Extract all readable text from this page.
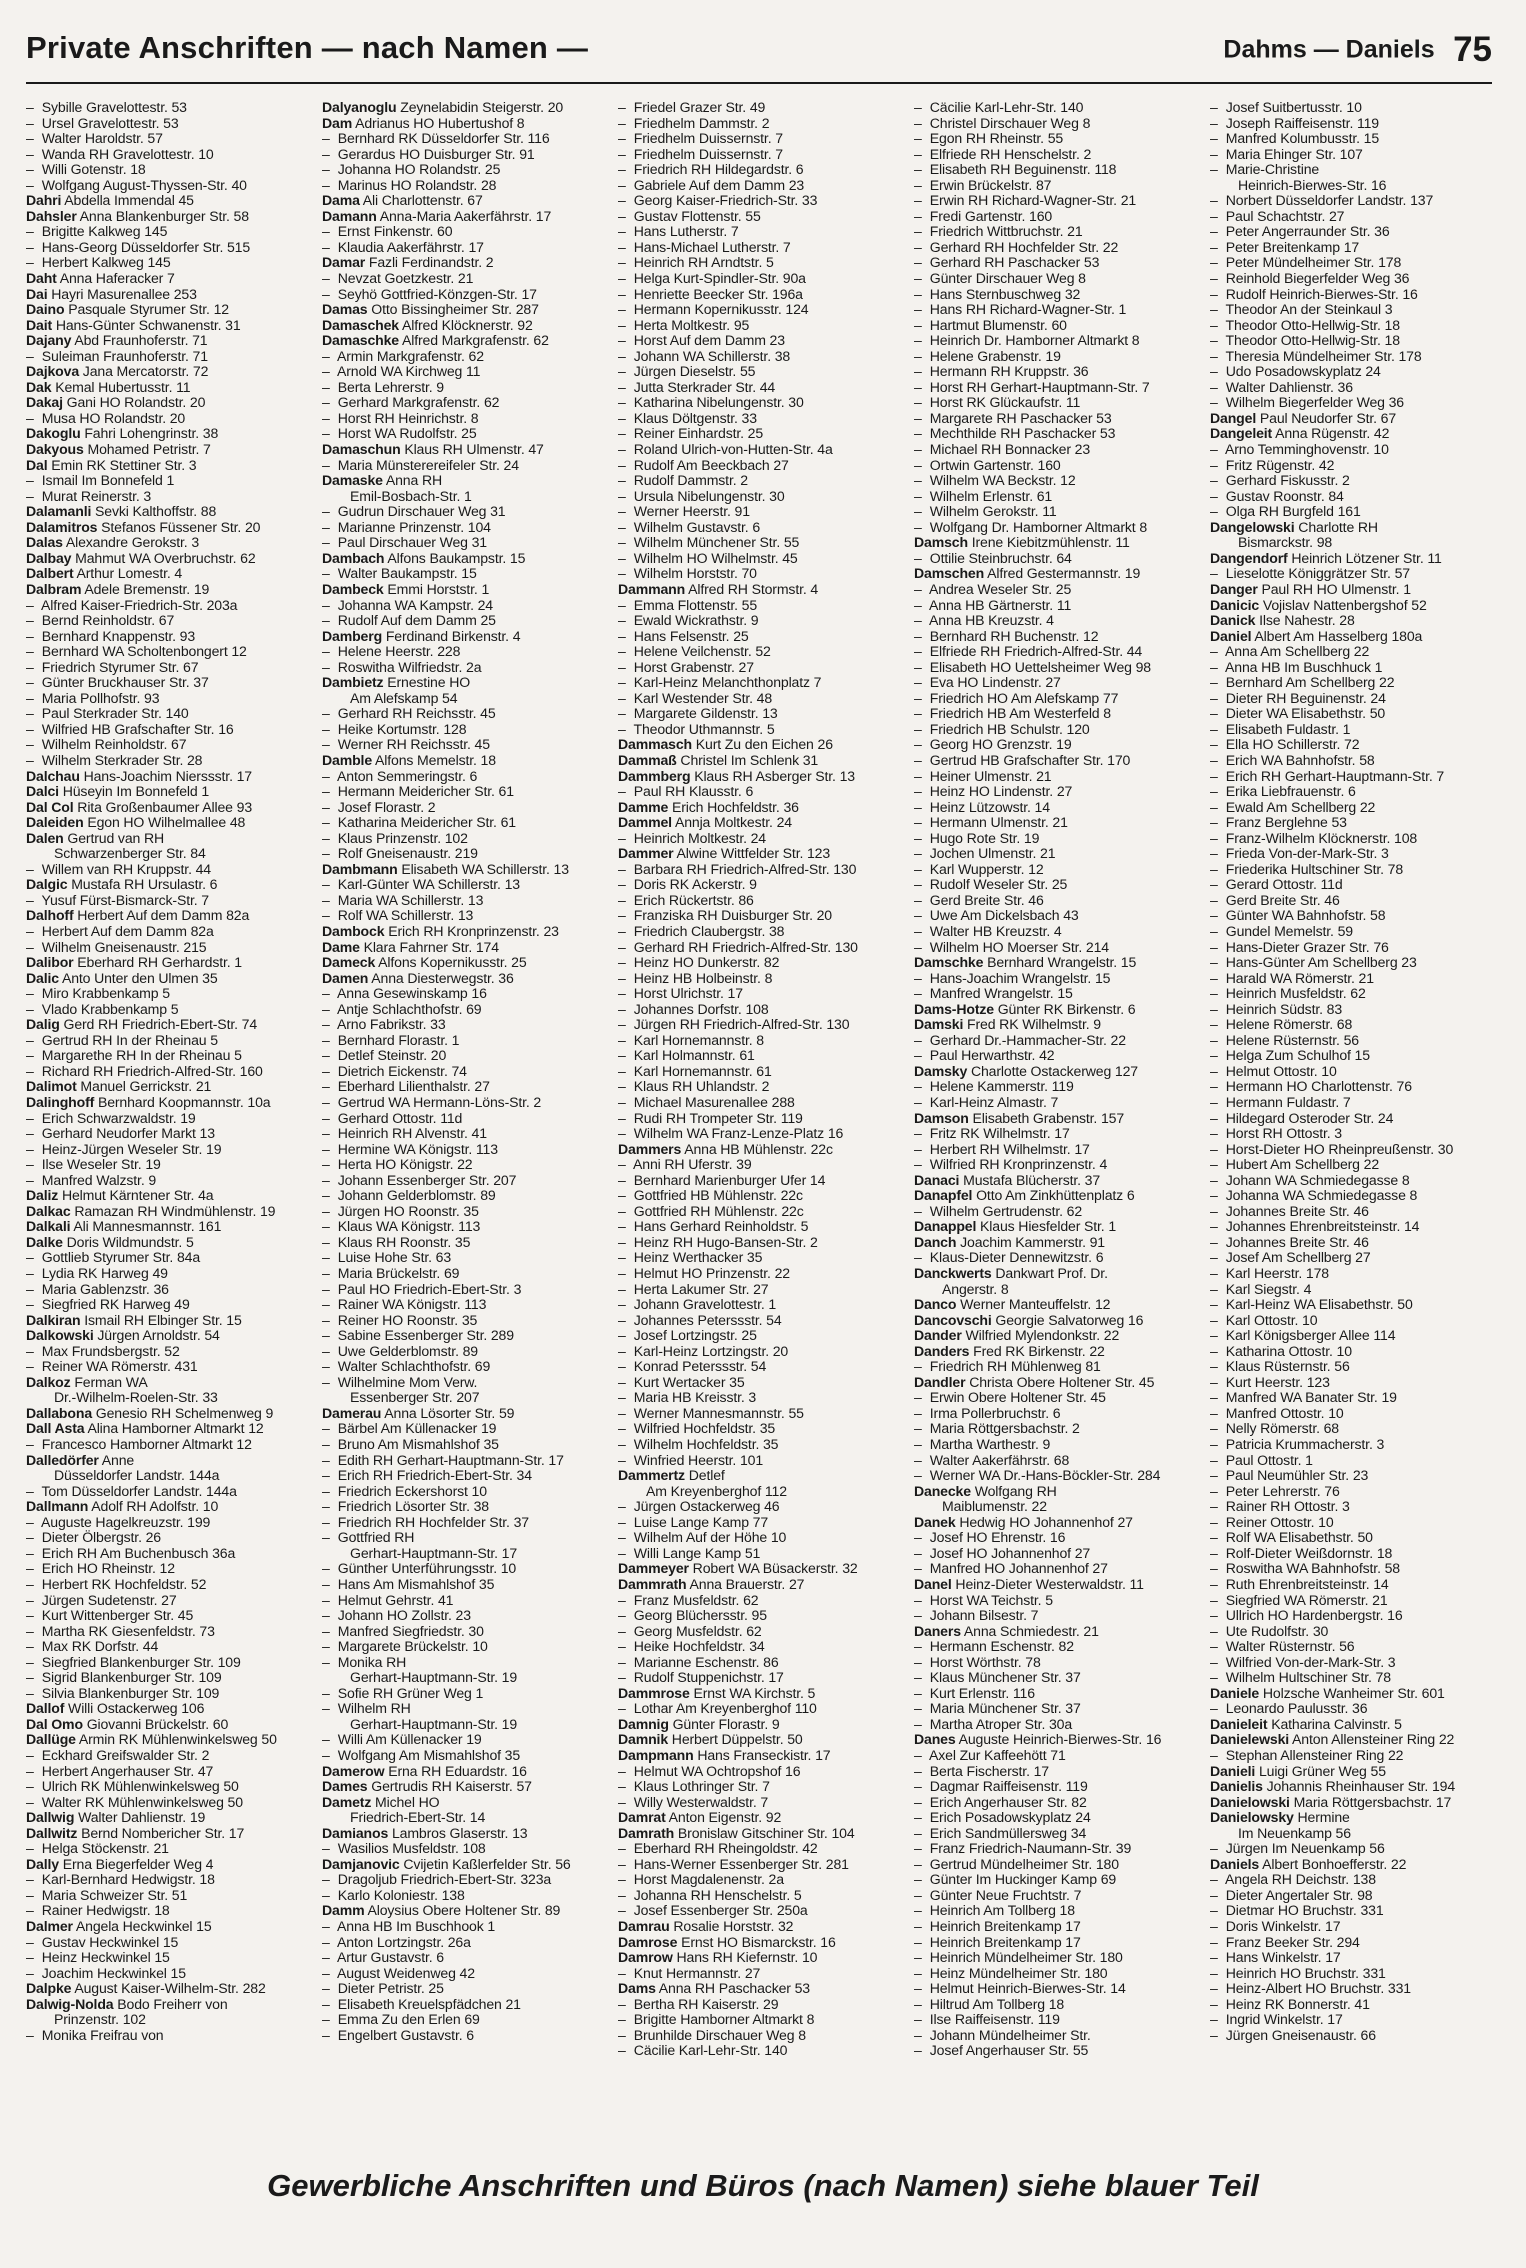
Private Anschriften — nach Namen —	Dahms — Daniels 75
– Sybille Gravelottestr. 53
– Ursel Gravelottestr. 53
– Walter Haroldstr. 57
– Wanda RH Gravelottestr. 10
– Willi Gotenstr. 18
– Wolfgang August-Thyssen-Str. 40
Dahri Abdella Immendal 45
Dahsler Anna Blankenburger Str. 58
– Brigitte Kalkweg 145
– Hans-Georg Düsseldorfer Str. 515
– Herbert Kalkweg 145
Daht Anna Haferacker 7
Dai Hayri Masurenallee 253
Daino Pasquale Styrumer Str. 12
Dait Hans-Günter Schwanenstr. 31
Dajany Abd Fraunhoferstr. 71
– Suleiman Fraunhoferstr. 71
Dajkova Jana Mercatorstr. 72
Dak Kemal Hubertusstr. 11
Dakaj Gani HO Rolandstr. 20
– Musa HO Rolandstr. 20
Dakoglu Fahri Lohengrinstr. 38
Dakyous Mohamed Petristr. 7
Dal Emin RK Stettiner Str. 3
– Ismail Im Bonnefeld 1
– Murat Reinerstr. 3
Dalamanli Sevki Kalthoffstr. 88
Dalamitros Stefanos Füssener Str. 20
Dalas Alexandre Gerokstr. 3
Dalbay Mahmut WA Overbruchstr. 62
Dalbert Arthur Lomestr. 4
Dalbram Adele Bremenstr. 19
– Alfred Kaiser-Friedrich-Str. 203a
– Bernd Reinholdstr. 67
– Bernhard Knappenstr. 93
– Bernhard WA Scholtenbongert 12
– Friedrich Styrumer Str. 67
– Günter Bruckhauser Str. 37
– Maria Pollhofstr. 93
– Paul Sterkrader Str. 140
– Wilfried HB Grafschafter Str. 16
– Wilhelm Reinholdstr. 67
– Wilhelm Sterkrader Str. 28
Dalchau Hans-Joachim Nierssstr. 17
Dalci Hüseyin Im Bonnefeld 1
Dal Col Rita Großenbaumer Allee 93
Daleiden Egon HO Wilhelmallee 48
Dalen Gertrud van RH
Schwarzenberger Str. 84
– Willem van RH Kruppstr. 44
Dalgic Mustafa RH Ursulastr. 6
– Yusuf Fürst-Bismarck-Str. 7
Dalhoff Herbert Auf dem Damm 82a
– Herbert Auf dem Damm 82a
– Wilhelm Gneisenaustr. 215
Dalibor Eberhard RH Gerhardstr. 1
Dalic Anto Unter den Ulmen 35
– Miro Krabbenkamp 5
– Vlado Krabbenkamp 5
Dalig Gerd RH Friedrich-Ebert-Str. 74
– Gertrud RH In der Rheinau 5
– Margarethe RH In der Rheinau 5
– Richard RH Friedrich-Alfred-Str. 160
Dalimot Manuel Gerrickstr. 21
Dalinghoff Bernhard Koopmannstr. 10a
– Erich Schwarzwaldstr. 19
– Gerhard Neudorfer Markt 13
– Heinz-Jürgen Weseler Str. 19
– Ilse Weseler Str. 19
– Manfred Walzstr. 9
Daliz Helmut Kärntener Str. 4a
Dalkac Ramazan RH Windmühlenstr. 19
Dalkali Ali Mannesmannstr. 161
Dalke Doris Wildmundstr. 5
– Gottlieb Styrumer Str. 84a
– Lydia RK Harweg 49
– Maria Gablenzstr. 36
– Siegfried RK Harweg 49
Dalkiran Ismail RH Elbinger Str. 15
Dalkowski Jürgen Arnoldstr. 54
– Max Frundsbergstr. 52
– Reiner WA Römerstr. 431
Dalkoz Ferman WA
Dr.-Wilhelm-Roelen-Str. 33
Dallabona Genesio RH Schelmenweg 9
Dall Asta Alina Hamborner Altmarkt 12
– Francesco Hamborner Altmarkt 12
Dalledörfer Anne
Düsseldorfer Landstr. 144a
– Tom Düsseldorfer Landstr. 144a
Dallmann Adolf RH Adolfstr. 10
– Auguste Hagelkreuzstr. 199
– Dieter Ölbergstr. 26
– Erich RH Am Buchenbusch 36a
– Erich HO Rheinstr. 12
– Herbert RK Hochfeldstr. 52
– Jürgen Sudetenstr. 27
– Kurt Wittenberger Str. 45
– Martha RK Giesenfeldstr. 73
– Max RK Dorfstr. 44
– Siegfried Blankenburger Str. 109
– Sigrid Blankenburger Str. 109
– Silvia Blankenburger Str. 109
Dallof Willi Ostackerweg 106
Dal Omo Giovanni Brückelstr. 60
Dallüge Armin RK Mühlenwinkelsweg 50
– Eckhard Greifswalder Str. 2
– Herbert Angerhauser Str. 47
– Ulrich RK Mühlenwinkelsweg 50
– Walter RK Mühlenwinkelsweg 50
Dallwig Walter Dahlienstr. 19
Dallwitz Bernd Nombericher Str. 17
– Helga Stöckenstr. 21
Dally Erna Biegerfelder Weg 4
– Karl-Bernhard Hedwigstr. 18
– Maria Schweizer Str. 51
– Rainer Hedwigstr. 18
Dalmer Angela Heckwinkel 15
– Gustav Heckwinkel 15
– Heinz Heckwinkel 15
– Joachim Heckwinkel 15
Dalpke August Kaiser-Wilhelm-Str. 282
Dalwig-Nolda Bodo Freiherr von
Prinzenstr. 102
– Monika Freifrau von
Dalyanoglu Zeynelabidin Steigerstr. 20
Dam Adrianus HO Hubertushof 8
– Bernhard RK Düsseldorfer Str. 116
– Gerardus HO Duisburger Str. 91
– Johanna HO Rolandstr. 25
– Marinus HO Rolandstr. 28
Dama Ali Charlottenstr. 67
Damann Anna-Maria Aakerfährstr. 17
– Ernst Finkenstr. 60
– Klaudia Aakerfährstr. 17
Damar Fazli Ferdinandstr. 2
– Nevzat Goetzkestr. 21
– Seyhö Gottfried-Könzgen-Str. 17
Damas Otto Bissingheimer Str. 287
Damaschek Alfred Klöcknerstr. 92
Damaschke Alfred Markgrafenstr. 62
– Armin Markgrafenstr. 62
– Arnold WA Kirchweg 11
– Berta Lehrerstr. 9
– Gerhard Markgrafenstr. 62
– Horst RH Heinrichstr. 8
– Horst WA Rudolfstr. 25
Damaschun Klaus RH Ulmenstr. 47
– Maria Münsterereifeler Str. 24
Damaske Anna RH
Emil-Bosbach-Str. 1
– Gudrun Dirschauer Weg 31
– Marianne Prinzenstr. 104
– Paul Dirschauer Weg 31
Dambach Alfons Baukampstr. 15
– Walter Baukampstr. 15
Dambeck Emmi Horststr. 1
– Johanna WA Kampstr. 24
– Rudolf Auf dem Damm 25
Damberg Ferdinand Birkenstr. 4
– Helene Heerstr. 228
– Roswitha Wilfriedstr. 2a
Dambietz Ernestine HO
Am Alefskamp 54
– Gerhard RH Reichsstr. 45
– Heike Kortumstr. 128
– Werner RH Reichsstr. 45
Damble Alfons Memelstr. 18
– Anton Semmeringstr. 6
– Hermann Meidericher Str. 61
– Josef Florastr. 2
– Katharina Meidericher Str. 61
– Klaus Prinzenstr. 102
– Rolf Gneisenaustr. 219
Dambmann Elisabeth WA Schillerstr. 13
– Karl-Günter WA Schillerstr. 13
– Maria WA Schillerstr. 13
– Rolf WA Schillerstr. 13
Dambock Erich RH Kronprinzenstr. 23
Dame Klara Fahrner Str. 174
Dameck Alfons Kopernikusstr. 25
Damen Anna Diesterwegstr. 36
– Anna Gesewinskamp 16
– Antje Schlachthofstr. 69
– Arno Fabrikstr. 33
– Bernhard Florastr. 1
– Detlef Steinstr. 20
– Dietrich Eickenstr. 74
– Eberhard Lilienthalstr. 27
– Gertrud WA Hermann-Löns-Str. 2
– Gerhard Ottostr. 11d
– Heinrich RH Alvenstr. 41
– Hermine WA Königstr. 113
– Herta HO Königstr. 22
– Johann Essenberger Str. 207
– Johann Gelderblomstr. 89
– Jürgen HO Roonstr. 35
– Klaus WA Königstr. 113
– Klaus RH Roonstr. 35
– Luise Hohe Str. 63
– Maria Brückelstr. 69
– Paul HO Friedrich-Ebert-Str. 3
– Rainer WA Königstr. 113
– Reiner HO Roonstr. 35
– Sabine Essenberger Str. 289
– Uwe Gelderblomstr. 89
– Walter Schlachthofstr. 69
– Wilhelmine Mom Verw.
Essenberger Str. 207
Damerau Anna Lösorter Str. 59
– Bärbel Am Küllenacker 19
– Bruno Am Mismahlshof 35
– Edith RH Gerhart-Hauptmann-Str. 17
– Erich RH Friedrich-Ebert-Str. 34
– Friedrich Eckershorst 10
– Friedrich Lösorter Str. 38
– Friedrich RH Hochfelder Str. 37
– Gottfried RH
Gerhart-Hauptmann-Str. 17
– Günther Unterführungsstr. 10
– Hans Am Mismahlshof 35
– Helmut Gehrstr. 41
– Johann HO Zollstr. 23
– Manfred Siegfriedstr. 30
– Margarete Brückelstr. 10
– Monika RH
Gerhart-Hauptmann-Str. 19
– Sofie RH Grüner Weg 1
– Wilhelm RH
Gerhart-Hauptmann-Str. 19
– Willi Am Küllenacker 19
– Wolfgang Am Mismahlshof 35
Damerow Erna RH Eduardstr. 16
Dames Gertrudis RH Kaiserstr. 57
Dametz Michel HO
Friedrich-Ebert-Str. 14
Damianos Lambros Glaserstr. 13
– Wasilios Musfeldstr. 108
Damjanovic Cvijetin Kaßlerfelder Str. 56
– Dragoljub Friedrich-Ebert-Str. 323a
– Karlo Koloniestr. 138
Damm Aloysius Obere Holtener Str. 89
– Anna HB Im Buschhook 1
– Anton Lortzingstr. 26a
– Artur Gustavstr. 6
– August Weidenweg 42
– Dieter Petristr. 25
– Elisabeth Kreuelspfädchen 21
– Emma Zu den Erlen 69
– Engelbert Gustavstr. 6
– Friedel Grazer Str. 49
– Friedhelm Dammstr. 2
– Friedhelm Duissernstr. 7
– Friedhelm Duissernstr. 7
– Friedrich RH Hildegardstr. 6
– Gabriele Auf dem Damm 23
– Georg Kaiser-Friedrich-Str. 33
– Gustav Flottenstr. 55
– Hans Lutherstr. 7
– Hans-Michael Lutherstr. 7
– Heinrich RH Arndtstr. 5
– Helga Kurt-Spindler-Str. 90a
– Henriette Beecker Str. 196a
– Hermann Kopernikusstr. 124
– Herta Moltkestr. 95
– Horst Auf dem Damm 23
– Johann WA Schillerstr. 38
– Jürgen Dieselstr. 55
– Jutta Sterkrader Str. 44
– Katharina Nibelungenstr. 30
– Klaus Döltgenstr. 33
– Reiner Einhardstr. 25
– Roland Ulrich-von-Hutten-Str. 4a
– Rudolf Am Beeckbach 27
– Rudolf Dammstr. 2
– Ursula Nibelungenstr. 30
– Werner Heerstr. 91
– Wilhelm Gustavstr. 6
– Wilhelm Münchener Str. 55
– Wilhelm HO Wilhelmstr. 45
– Wilhelm Horststr. 70
Dammann Alfred RH Stormstr. 4
– Emma Flottenstr. 55
– Ewald Wickrathstr. 9
– Hans Felsenstr. 25
– Helene Veilchenstr. 52
– Horst Grabenstr. 27
– Karl-Heinz Melanchthonplatz 7
– Karl Westender Str. 48
– Margarete Gildenstr. 13
– Theodor Uthmannstr. 5
Dammasch Kurt Zu den Eichen 26
Dammaß Christel Im Schlenk 31
Dammberg Klaus RH Asberger Str. 13
– Paul RH Klausstr. 6
Damme Erich Hochfeldstr. 36
Dammel Annja Moltkestr. 24
– Heinrich Moltkestr. 24
Dammer Alwine Wittfelder Str. 123
– Barbara RH Friedrich-Alfred-Str. 130
– Doris RK Ackerstr. 9
– Erich Rückertstr. 86
– Franziska RH Duisburger Str. 20
– Friedrich Claubergstr. 38
– Gerhard RH Friedrich-Alfred-Str. 130
– Heinz HO Dunkerstr. 82
– Heinz HB Holbeinstr. 8
– Horst Ulrichstr. 17
– Johannes Dorfstr. 108
– Jürgen RH Friedrich-Alfred-Str. 130
– Karl Hornemannstr. 8
– Karl Holmannstr. 61
– Karl Hornemannstr. 61
– Klaus RH Uhlandstr. 2
– Michael Masurenallee 288
– Rudi RH Trompeter Str. 119
– Wilhelm WA Franz-Lenze-Platz 16
Dammers Anna HB Mühlenstr. 22c
– Anni RH Uferstr. 39
– Bernhard Marienburger Ufer 14
– Gottfried HB Mühlenstr. 22c
– Gottfried RH Mühlenstr. 22c
– Hans Gerhard Reinholdstr. 5
– Heinz RH Hugo-Bansen-Str. 2
– Heinz Werthacker 35
– Helmut HO Prinzenstr. 22
– Herta Lakumer Str. 27
– Johann Gravelottestr. 1
– Johannes Peterssstr. 54
– Josef Lortzingstr. 25
– Karl-Heinz Lortzingstr. 20
– Konrad Peterssstr. 54
– Kurt Wertacker 35
– Maria HB Kreisstr. 3
– Werner Mannesmannstr. 55
– Wilfried Hochfeldstr. 35
– Wilhelm Hochfeldstr. 35
– Winfried Heerstr. 101
Dammertz Detlef
Am Kreyenberghof 112
– Jürgen Ostackerweg 46
– Luise Lange Kamp 77
– Wilhelm Auf der Höhe 10
– Willi Lange Kamp 51
Dammeyer Robert WA Büsackerstr. 32
Dammrath Anna Brauerstr. 27
– Franz Musfeldstr. 62
– Georg Blüchersstr. 95
– Georg Musfeldstr. 62
– Heike Hochfeldstr. 34
– Marianne Eschenstr. 86
– Rudolf Stuppenichstr. 17
Dammrose Ernst WA Kirchstr. 5
– Lothar Am Kreyenberghof 110
Damnig Günter Florastr. 9
Damnik Herbert Düppelstr. 50
Dampmann Hans Franseckistr. 17
– Helmut WA Ochtropshof 16
– Klaus Lothringer Str. 7
– Willy Westerwaldstr. 7
Damrat Anton Eigenstr. 92
Damrath Bronislaw Gitschiner Str. 104
– Eberhard RH Rheingoldstr. 42
– Hans-Werner Essenberger Str. 281
– Horst Magdalenenstr. 2a
– Johanna RH Henschelstr. 5
– Josef Essenberger Str. 250a
Damrau Rosalie Horststr. 32
Damrose Ernst HO Bismarckstr. 16
Damrow Hans RH Kiefernstr. 10
– Knut Hermannstr. 27
Dams Anna RH Paschacker 53
– Bertha RH Kaiserstr. 29
– Brigitte Hamborner Altmarkt 8
– Brunhilde Dirschauer Weg 8
– Cäcilie Karl-Lehr-Str. 140
– Cäcilie Karl-Lehr-Str. 140
– Christel Dirschauer Weg 8
– Egon RH Rheinstr. 55
– Elfriede RH Henschelstr. 2
– Elisabeth RH Beguinenstr. 118
– Erwin Brückelstr. 87
– Erwin RH Richard-Wagner-Str. 21
– Fredi Gartenstr. 160
– Friedrich Wittbruchstr. 21
– Gerhard RH Hochfelder Str. 22
– Gerhard RH Paschacker 53
– Günter Dirschauer Weg 8
– Hans Sternbuschweg 32
– Hans RH Richard-Wagner-Str. 1
– Hartmut Blumenstr. 60
– Heinrich Dr. Hamborner Altmarkt 8
– Helene Grabenstr. 19
– Hermann RH Kruppstr. 36
– Horst RH Gerhart-Hauptmann-Str. 7
– Horst RK Glückaufstr. 11
– Margarete RH Paschacker 53
– Mechthilde RH Paschacker 53
– Michael RH Bonnacker 23
– Ortwin Gartenstr. 160
– Wilhelm WA Beckstr. 12
– Wilhelm Erlenstr. 61
– Wilhelm Gerokstr. 11
– Wolfgang Dr. Hamborner Altmarkt 8
Damsch Irene Kiebitzmühlenstr. 11
– Ottilie Steinbruchstr. 64
Damschen Alfred Gestermannstr. 19
– Andrea Weseler Str. 25
– Anna HB Gärtnerstr. 11
– Anna HB Kreuzstr. 4
– Bernhard RH Buchenstr. 12
– Elfriede RH Friedrich-Alfred-Str. 44
– Elisabeth HO Uettelsheimer Weg 98
– Eva HO Lindenstr. 27
– Friedrich HO Am Alefskamp 77
– Friedrich HB Am Westerfeld 8
– Friedrich HB Schulstr. 120
– Georg HO Grenzstr. 19
– Gertrud HB Grafschafter Str. 170
– Heiner Ulmenstr. 21
– Heinz HO Lindenstr. 27
– Heinz Lützowstr. 14
– Hermann Ulmenstr. 21
– Hugo Rote Str. 19
– Jochen Ulmenstr. 21
– Karl Wupperstr. 12
– Rudolf Weseler Str. 25
– Gerd Breite Str. 46
– Uwe Am Dickelsbach 43
– Walter HB Kreuzstr. 4
– Wilhelm HO Moerser Str. 214
Damschke Bernhard Wrangelstr. 15
– Hans-Joachim Wrangelstr. 15
– Manfred Wrangelstr. 15
Dams-Hotze Günter RK Birkenstr. 6
Damski Fred RK Wilhelmstr. 9
– Gerhard Dr.-Hammacher-Str. 22
– Paul Herwarthstr. 42
Damsky Charlotte Ostackerweg 127
– Helene Kammerstr. 119
– Karl-Heinz Almastr. 7
Damson Elisabeth Grabenstr. 157
– Fritz RK Wilhelmstr. 17
– Herbert RH Wilhelmstr. 17
– Wilfried RH Kronprinzenstr. 4
Danaci Mustafa Blücherstr. 37
Danapfel Otto Am Zinkhüttenplatz 6
– Wilhelm Gertrudenstr. 62
Danappel Klaus Hiesfelder Str. 1
Danch Joachim Kammerstr. 91
– Klaus-Dieter Dennewitzstr. 6
Danckwerts Dankwart Prof. Dr.
Angerstr. 8
Danco Werner Manteuffelstr. 12
Dancovschi Georgie Salvatorweg 16
Dander Wilfried Mylendonkstr. 22
Danders Fred RK Birkenstr. 22
– Friedrich RH Mühlenweg 81
Dandler Christa Obere Holtener Str. 45
– Erwin Obere Holtener Str. 45
– Irma Pollerbruchstr. 6
– Maria Röttgersbachstr. 2
– Martha Warthestr. 9
– Walter Aakerfährstr. 68
– Werner WA Dr.-Hans-Böckler-Str. 284
Danecke Wolfgang RH
Maiblumenstr. 22
Danek Hedwig HO Johannenhof 27
– Josef HO Ehrenstr. 16
– Josef HO Johannenhof 27
– Manfred HO Johannenhof 27
Danel Heinz-Dieter Westerwaldstr. 11
– Horst WA Teichstr. 5
– Johann Bilsestr. 7
Daners Anna Schmiedestr. 21
– Hermann Eschenstr. 82
– Horst Wörthstr. 78
– Klaus Münchener Str. 37
– Kurt Erlenstr. 116
– Maria Münchener Str. 37
– Martha Atroper Str. 30a
Danes Auguste Heinrich-Bierwes-Str. 16
– Axel Zur Kaffeehött 71
– Berta Fischerstr. 17
– Dagmar Raiffeisenstr. 119
– Erich Angerhauser Str. 82
– Erich Posadowskyplatz 24
– Erich Sandmüllersweg 34
– Franz Friedrich-Naumann-Str. 39
– Gertrud Mündelheimer Str. 180
– Günter Im Huckinger Kamp 69
– Günter Neue Fruchtstr. 7
– Heinrich Am Tollberg 18
– Heinrich Breitenkamp 17
– Heinrich Breitenkamp 17
– Heinrich Mündelheimer Str. 180
– Heinz Mündelheimer Str. 180
– Helmut Heinrich-Bierwes-Str. 14
– Hiltrud Am Tollberg 18
– Ilse Raiffeisenstr. 119
– Johann Mündelheimer Str.
– Josef Angerhauser Str. 55
– Josef Suitbertusstr. 10
– Joseph Raiffeisenstr. 119
– Manfred Kolumbusstr. 15
– Maria Ehinger Str. 107
– Marie-Christine
Heinrich-Bierwes-Str. 16
– Norbert Düsseldorfer Landstr. 137
– Paul Schachtstr. 27
– Peter Angerraunder Str. 36
– Peter Breitenkamp 17
– Peter Mündelheimer Str. 178
– Reinhold Biegerfelder Weg 36
– Rudolf Heinrich-Bierwes-Str. 16
– Theodor An der Steinkaul 3
– Theodor Otto-Hellwig-Str. 18
– Theodor Otto-Hellwig-Str. 18
– Theresia Mündelheimer Str. 178
– Udo Posadowskyplatz 24
– Walter Dahlienstr. 36
– Wilhelm Biegerfelder Weg 36
Dangel Paul Neudorfer Str. 67
Dangeleit Anna Rügenstr. 42
– Arno Temminghovenstr. 10
– Fritz Rügenstr. 42
– Gerhard Fiskusstr. 2
– Gustav Roonstr. 84
– Olga RH Burgfeld 161
Dangelowski Charlotte RH
Bismarckstr. 98
Dangendorf Heinrich Lötzener Str. 11
– Lieselotte Königgrätzer Str. 57
Danger Paul RH HO Ulmenstr. 1
Danicic Vojislav Nattenbergshof 52
Danick Ilse Nahestr. 28
Daniel Albert Am Hasselberg 180a
– Anna Am Schellberg 22
– Anna HB Im Buschhuck 1
– Bernhard Am Schellberg 22
– Dieter RH Beguinenstr. 24
– Dieter WA Elisabethstr. 50
– Elisabeth Fuldastr. 1
– Ella HO Schillerstr. 72
– Erich WA Bahnhofstr. 58
– Erich RH Gerhart-Hauptmann-Str. 7
– Erika Liebfrauenstr. 6
– Ewald Am Schellberg 22
– Franz Berglehne 53
– Franz-Wilhelm Klöcknerstr. 108
– Frieda Von-der-Mark-Str. 3
– Friederika Hultschiner Str. 78
– Gerard Ottostr. 11d
– Gerd Breite Str. 46
– Günter WA Bahnhofstr. 58
– Gundel Memelstr. 59
– Hans-Dieter Grazer Str. 76
– Hans-Günter Am Schellberg 23
– Harald WA Römerstr. 21
– Heinrich Musfeldstr. 62
– Heinrich Südstr. 83
– Helene Römerstr. 68
– Helene Rüsternstr. 56
– Helga Zum Schulhof 15
– Helmut Ottostr. 10
– Hermann HO Charlottenstr. 76
– Hermann Fuldastr. 7
– Hildegard Osteroder Str. 24
– Horst RH Ottostr. 3
– Horst-Dieter HO Rheinpreußenstr. 30
– Hubert Am Schellberg 22
– Johann WA Schmiedegasse 8
– Johanna WA Schmiedegasse 8
– Johannes Breite Str. 46
– Johannes Ehrenbreitsteinstr. 14
– Johannes Breite Str. 46
– Josef Am Schellberg 27
– Karl Heerstr. 178
– Karl Siegstr. 4
– Karl-Heinz WA Elisabethstr. 50
– Karl Ottostr. 10
– Karl Königsberger Allee 114
– Katharina Ottostr. 10
– Klaus Rüsternstr. 56
– Kurt Heerstr. 123
– Manfred WA Banater Str. 19
– Manfred Ottostr. 10
– Nelly Römerstr. 68
– Patricia Krummacherstr. 3
– Paul Ottostr. 1
– Paul Neumühler Str. 23
– Peter Lehrerstr. 76
– Rainer RH Ottostr. 3
– Reiner Ottostr. 10
– Rolf WA Elisabethstr. 50
– Rolf-Dieter Weißdornstr. 18
– Roswitha WA Bahnhofstr. 58
– Ruth Ehrenbreitsteinstr. 14
– Siegfried WA Römerstr. 21
– Ullrich HO Hardenbergstr. 16
– Ute Rudolfstr. 30
– Walter Rüsternstr. 56
– Wilfried Von-der-Mark-Str. 3
– Wilhelm Hultschiner Str. 78
Daniele Holzsche Wanheimer Str. 601
– Leonardo Paulusstr. 36
Danieleit Katharina Calvinstr. 5
Danielewski Anton Allensteiner Ring 22
– Stephan Allensteiner Ring 22
Danieli Luigi Grüner Weg 55
Danielis Johannis Rheinhauser Str. 194
Danielowski Maria Röttgersbachstr. 17
Danielowsky Hermine
Im Neuenkamp 56
– Jürgen Im Neuenkamp 56
Daniels Albert Bonhoefferstr. 22
– Angela RH Deichstr. 138
– Dieter Angertaler Str. 98
– Dietmar HO Bruchstr. 331
– Doris Winkelstr. 17
– Franz Beeker Str. 294
– Hans Winkelstr. 17
– Heinrich HO Bruchstr. 331
– Heinz-Albert HO Bruchstr. 331
– Heinz RK Bonnerstr. 41
– Ingrid Winkelstr. 17
– Jürgen Gneisenaustr. 66
Gewerbliche Anschriften und Büros (nach Namen) siehe blauer Teil
